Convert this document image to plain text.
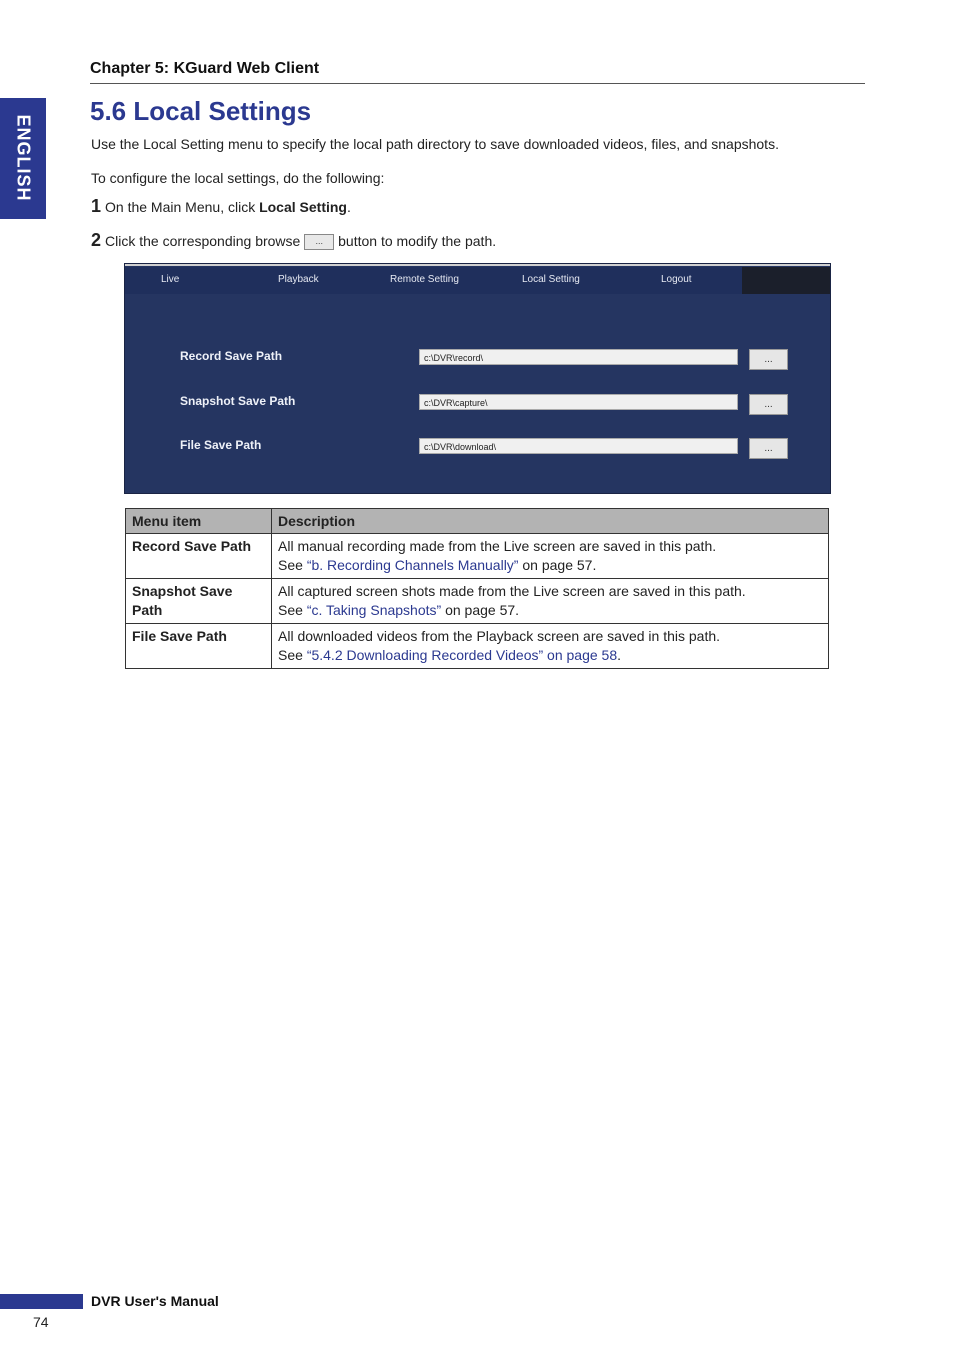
ENGLISH
Chapter 5: KGuard Web Client
5.6 Local Settings
Use the Local Setting menu to specify the local path directory to save downloaded videos, files, and snapshots.
To configure the local settings, do the following:
1 On the Main Menu, click Local Setting.
2 Click the corresponding browse ... button to modify the path.
Live	Playback	Remote Setting	Local Setting	Logout
Record Save Path	c:\DVR\record\	...
Snapshot Save Path	c:\DVR\capture\	...
File Save Path	c:\DVR\download\	...
Menu item	Description
Record Save Path	All manual recording made from the Live screen are saved in this path.
See “b. Recording Channels Manually” on page 57.
Snapshot Save Path	All captured screen shots made from the Live screen are saved in this path.
See “c. Taking Snapshots” on page 57.
File Save Path	All downloaded videos from the Playback screen are saved in this path.
See “5.4.2 Downloading Recorded Videos” on page 58.
DVR User's Manual
74
